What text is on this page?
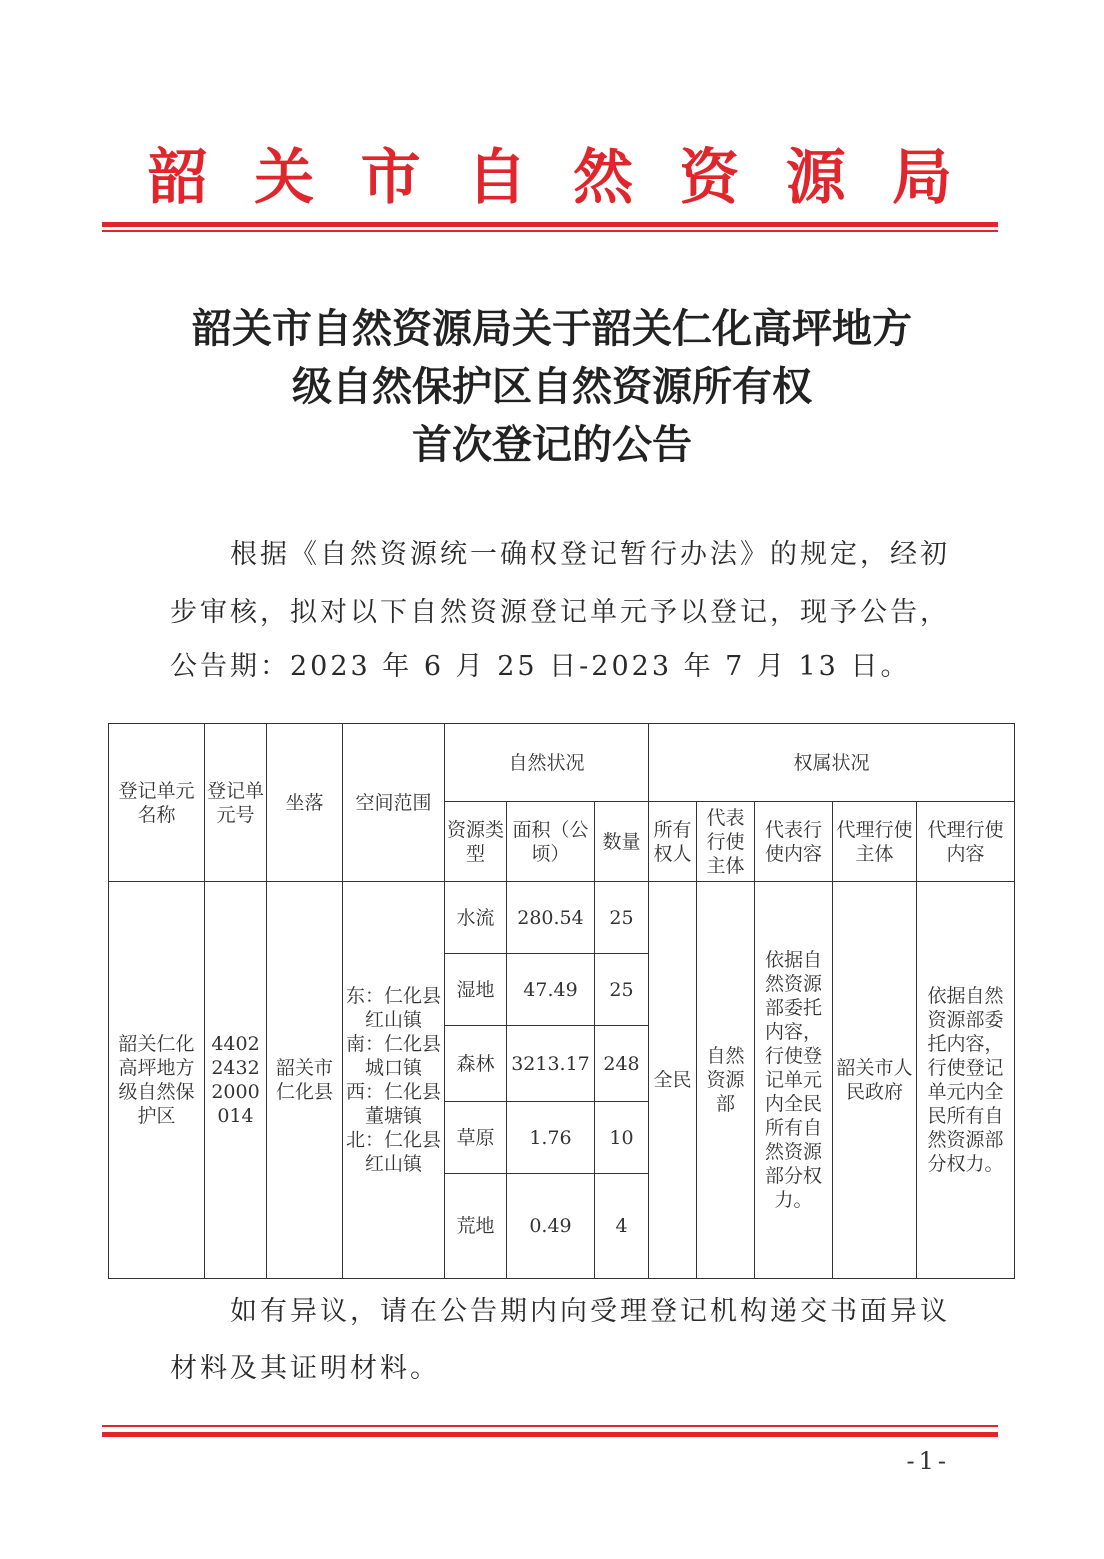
韶 关 市 自 然 资 源 局
韶关市自然资源局关于韶关仁化高坪地方
级自然保护区自然资源所有权
首次登记的公告
根据《自然资源统一确权登记暂行办法》的规定，经初
步审核，拟对以下自然资源登记单元予以登记，现予公告，
公告期：2023 年 6 月 25 日-2023 年 7 月 13 日。
登记单元名称	登记单元号	坐落	空间范围	自然状况			权属状况				
				资源类型	面积（公顷）	数量	所有权人	代表行使主体	代表行使内容	代理行使主体	代理行使内容
韶关仁化高坪地方级自然保护区	440224322000014	韶关市仁化县	东：仁化县红山镇
南：仁化县城口镇
西：仁化县董塘镇
北：仁化县红山镇	水流	280.54	25	全民	自然资源部	依据自然资源部委托内容，行使登记单元内全民所有自然资源部分权力。	韶关市人民政府	依据自然资源部委托内容，行使登记单元内全民所有自然资源部分权力。
				湿地	47.49	25					
				森林	3213.17	248					
				草原	1.76	10					
				荒地	0.49	4					
如有异议，请在公告期内向受理登记机构递交书面异议
材料及其证明材料。
-1-
